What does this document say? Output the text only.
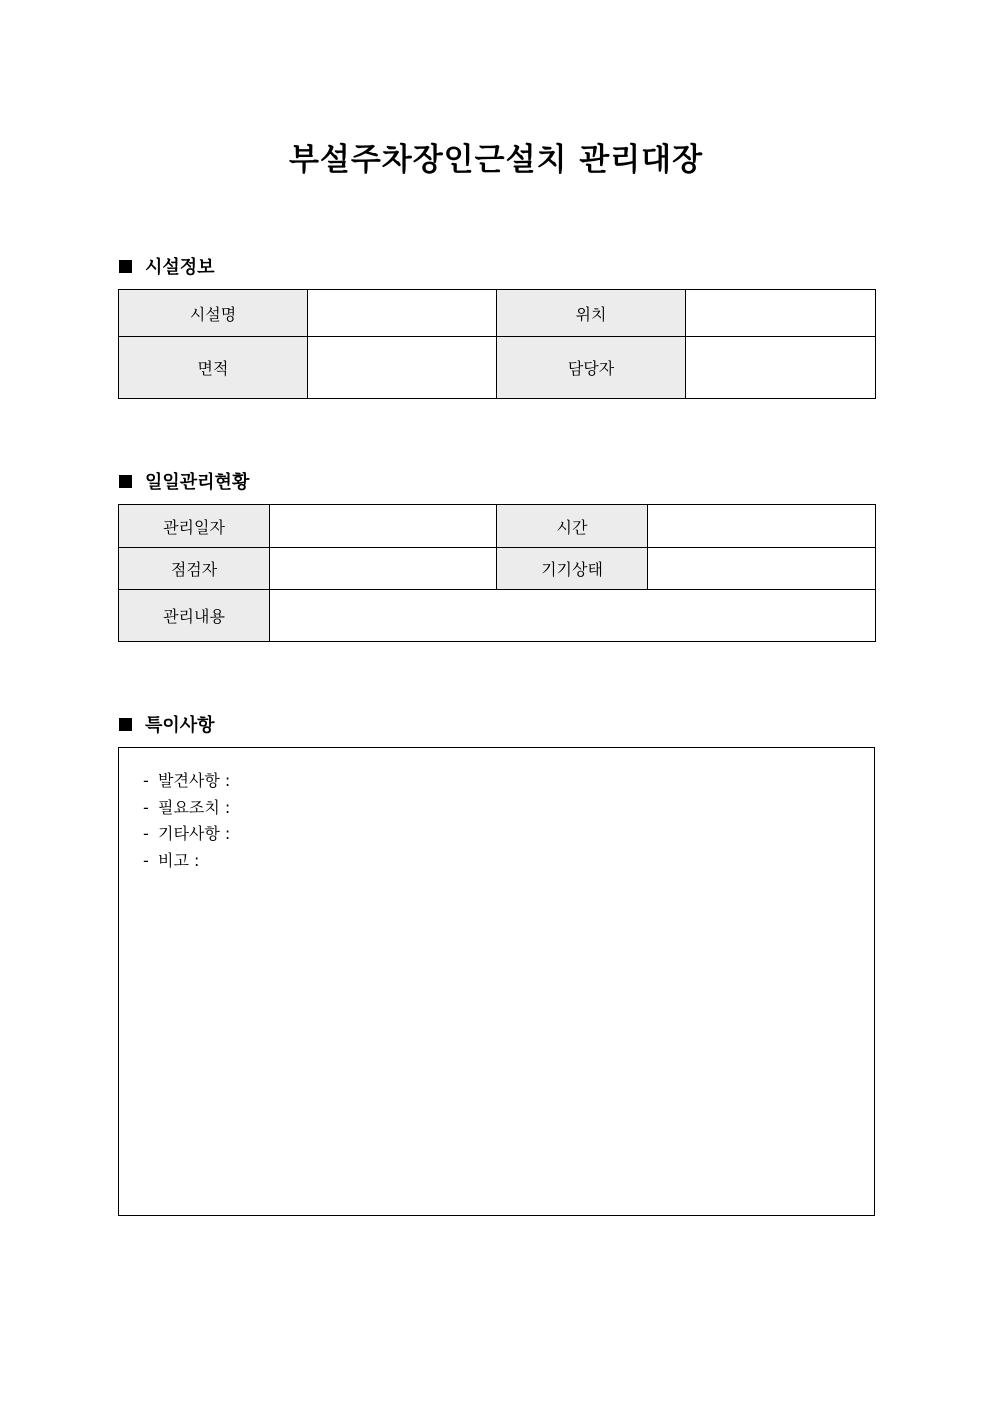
부설주차장인근설치 관리대장
시설정보
시설명		위치	
면적		담당자	
일일관리현황
관리일자		시간	
점검자		기기상태	
관리내용			
특이사항
- 발견사항 :
- 필요조치 :
- 기타사항 :
- 비고 :
